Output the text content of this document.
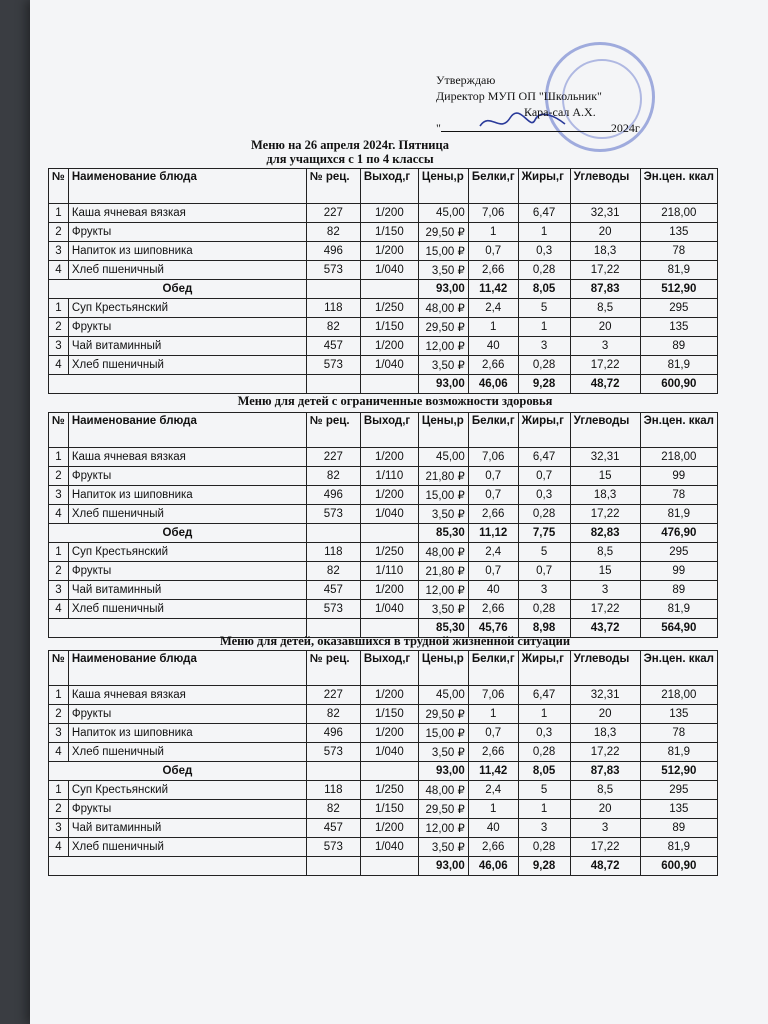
Утверждаю
Директор МУП ОП "Школьник"
Кара-сал А.Х.
"	2024г
Меню на 26 апреля 2024г. Пятница
для учащихся с 1 по 4 классы
№	Наименование блюда	№ рец.	Выход,г	Цены,р	Белки,г	Жиры,г	Углеводы	Эн.цен. ккал
1	Каша ячневая вязкая	227	1/200	45,00	7,06	6,47	32,31	218,00
2	Фрукты	82	1/150	29,50 ₽	1	1	20	135
3	Напиток из шиповника	496	1/200	15,00 ₽	0,7	0,3	18,3	78
4	Хлеб пшеничный	573	1/040	3,50 ₽	2,66	0,28	17,22	81,9
Обед				93,00	11,42	8,05	87,83	512,90
1	Суп Крестьянский	118	1/250	48,00 ₽	2,4	5	8,5	295
2	Фрукты	82	1/150	29,50 ₽	1	1	20	135
3	Чай витаминный	457	1/200	12,00 ₽	40	3	3	89
4	Хлеб пшеничный	573	1/040	3,50 ₽	2,66	0,28	17,22	81,9
				93,00	46,06	9,28	48,72	600,90
Меню для детей с ограниченные возможности здоровья
№	Наименование блюда	№ рец.	Выход,г	Цены,р	Белки,г	Жиры,г	Углеводы	Эн.цен. ккал
1	Каша ячневая вязкая	227	1/200	45,00	7,06	6,47	32,31	218,00
2	Фрукты	82	1/110	21,80 ₽	0,7	0,7	15	99
3	Напиток из шиповника	496	1/200	15,00 ₽	0,7	0,3	18,3	78
4	Хлеб пшеничный	573	1/040	3,50 ₽	2,66	0,28	17,22	81,9
Обед				85,30	11,12	7,75	82,83	476,90
1	Суп Крестьянский	118	1/250	48,00 ₽	2,4	5	8,5	295
2	Фрукты	82	1/110	21,80 ₽	0,7	0,7	15	99
3	Чай витаминный	457	1/200	12,00 ₽	40	3	3	89
4	Хлеб пшеничный	573	1/040	3,50 ₽	2,66	0,28	17,22	81,9
				85,30	45,76	8,98	43,72	564,90
Меню для детей, оказавшихся в трудной жизненной ситуации
№	Наименование блюда	№ рец.	Выход,г	Цены,р	Белки,г	Жиры,г	Углеводы	Эн.цен. ккал
1	Каша ячневая вязкая	227	1/200	45,00	7,06	6,47	32,31	218,00
2	Фрукты	82	1/150	29,50 ₽	1	1	20	135
3	Напиток из шиповника	496	1/200	15,00 ₽	0,7	0,3	18,3	78
4	Хлеб пшеничный	573	1/040	3,50 ₽	2,66	0,28	17,22	81,9
Обед				93,00	11,42	8,05	87,83	512,90
1	Суп Крестьянский	118	1/250	48,00 ₽	2,4	5	8,5	295
2	Фрукты	82	1/150	29,50 ₽	1	1	20	135
3	Чай витаминный	457	1/200	12,00 ₽	40	3	3	89
4	Хлеб пшеничный	573	1/040	3,50 ₽	2,66	0,28	17,22	81,9
				93,00	46,06	9,28	48,72	600,90
